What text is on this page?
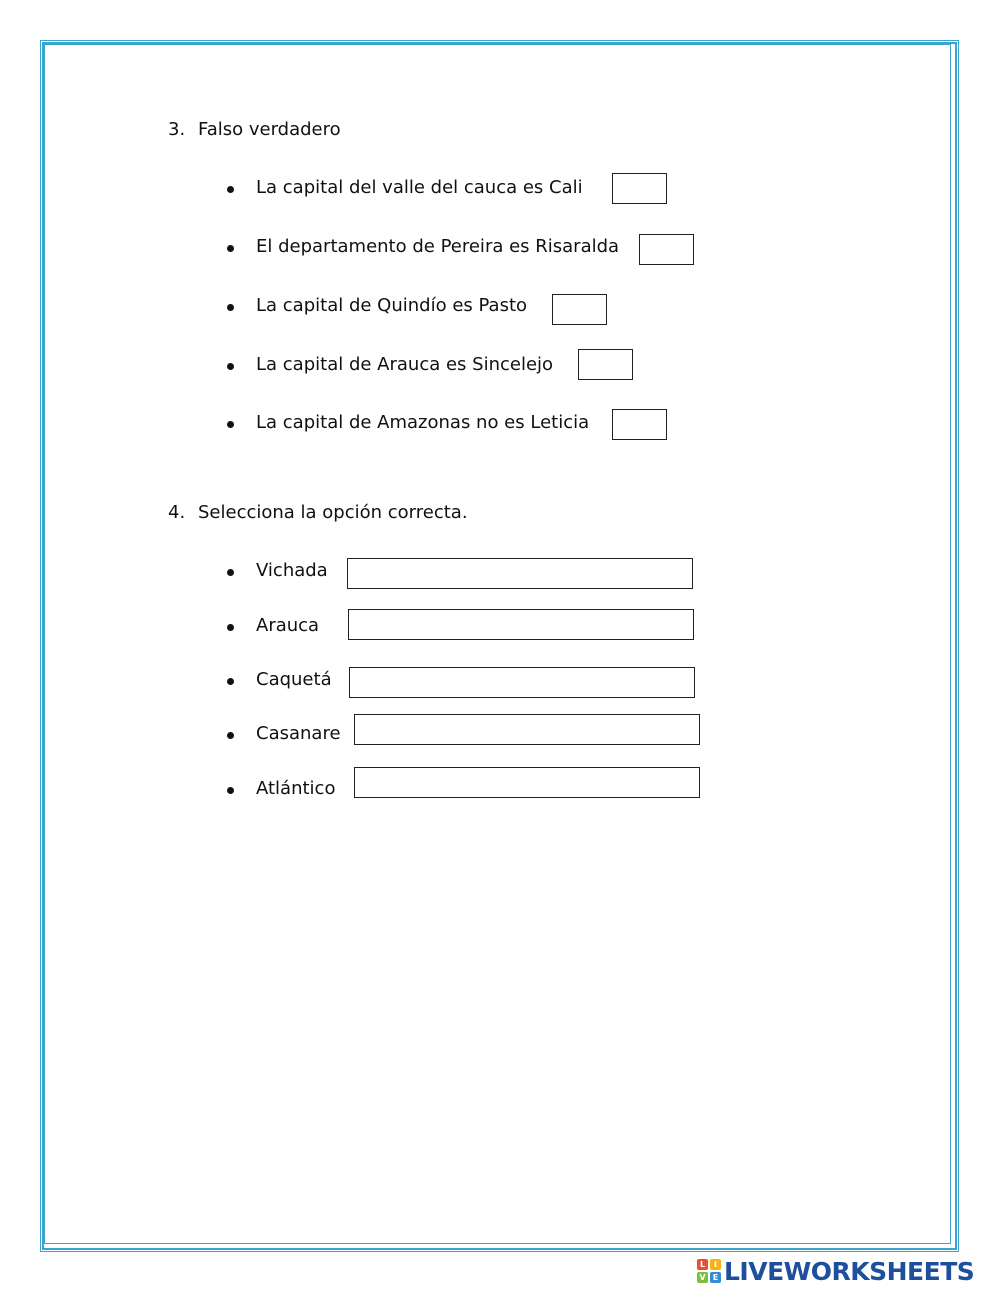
3. Falso verdadero
La capital del valle del cauca es Cali
El departamento de Pereira es Risaralda
La capital de Quindío es Pasto
La capital de Arauca es Sincelejo
La capital de Amazonas no es Leticia
4. Selecciona la opción correcta.
Vichada
Arauca
Caquetá
Casanare
Atlántico
L	I
V E LIVEWORKSHEETS
